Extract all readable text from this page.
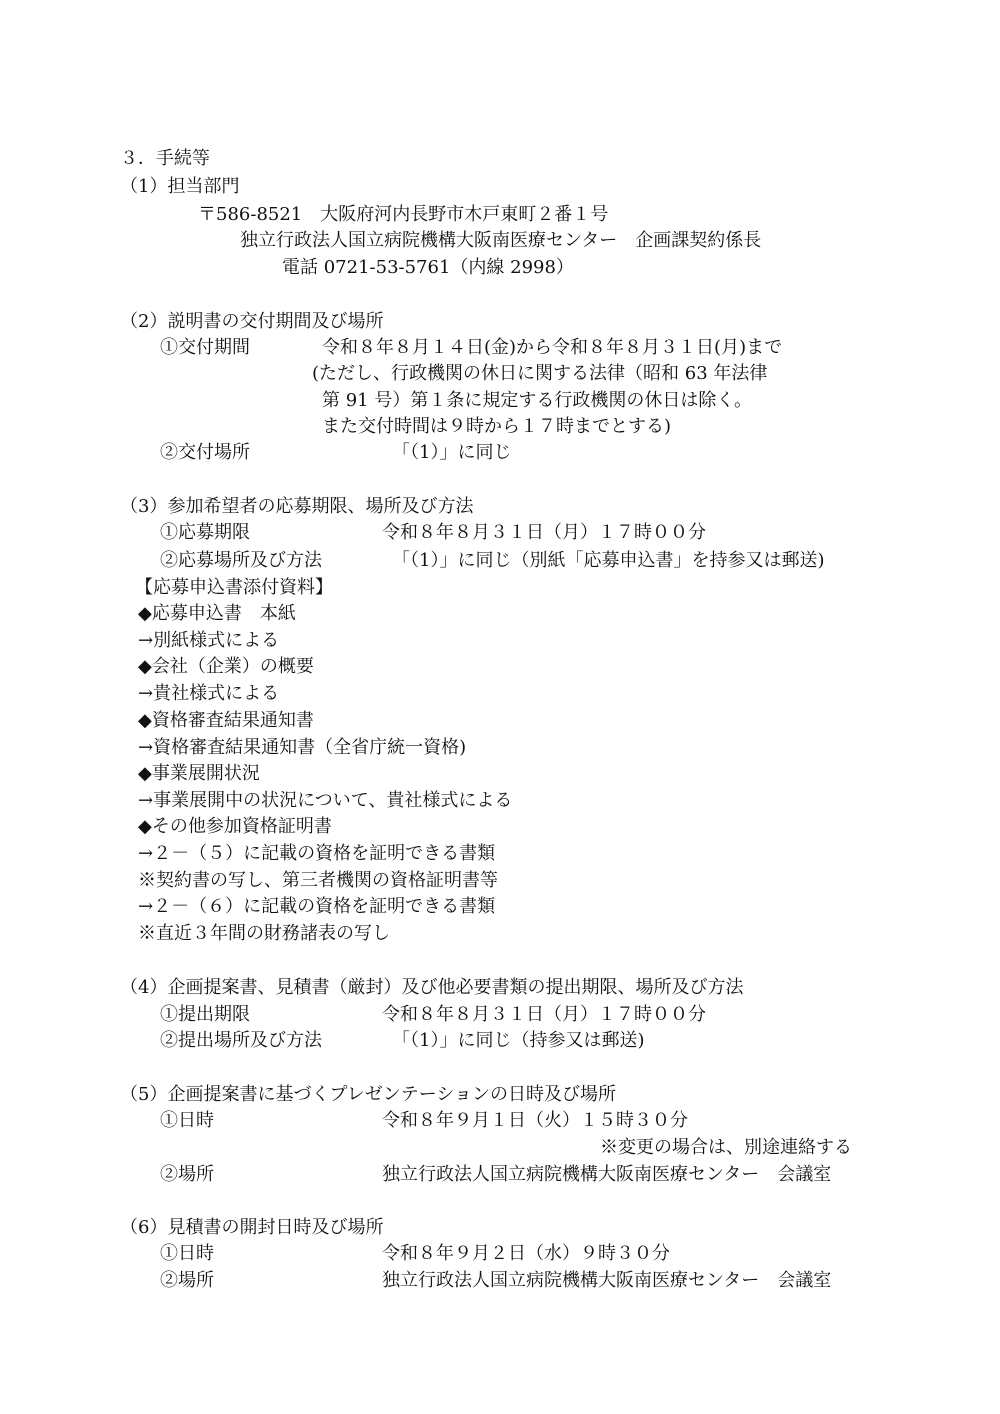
３．手続等
（1）担当部門
〒586-8521　大阪府河内長野市木戸東町２番１号
独立行政法人国立病院機構大阪南医療センター　企画課契約係長
電話 0721-53-5761（内線 2998）
（2）説明書の交付期間及び場所
①交付期間	令和８年８月１４日(金)から令和８年８月３１日(月)まで
(ただし、行政機関の休日に関する法律（昭和 63 年法律
第 91 号）第１条に規定する行政機関の休日は除く。
また交付時間は９時から１７時までとする)
②交付場所	「（1）」に同じ
（3）参加希望者の応募期限、場所及び方法
①応募期限	令和８年８月３１日（月）１７時００分
②応募場所及び方法	「（1）」に同じ（別紙「応募申込書」を持参又は郵送)
【応募申込書添付資料】
◆応募申込書　本紙
→別紙様式による
◆会社（企業）の概要
→貴社様式による
◆資格審査結果通知書
→資格審査結果通知書（全省庁統一資格)
◆事業展開状況
→事業展開中の状況について、貴社様式による
◆その他参加資格証明書
→２－（５）に記載の資格を証明できる書類
※契約書の写し、第三者機関の資格証明書等
→２－（６）に記載の資格を証明できる書類
※直近３年間の財務諸表の写し
（4）企画提案書、見積書（厳封）及び他必要書類の提出期限、場所及び方法
①提出期限	令和８年８月３１日（月）１７時００分
②提出場所及び方法	「（1）」に同じ（持参又は郵送)
（5）企画提案書に基づくプレゼンテーションの日時及び場所
①日時	令和８年９月１日（火）１５時３０分
※変更の場合は、別途連絡する
②場所	独立行政法人国立病院機構大阪南医療センター　会議室
（6）見積書の開封日時及び場所
①日時	令和８年９月２日（水）９時３０分
②場所	独立行政法人国立病院機構大阪南医療センター　会議室
